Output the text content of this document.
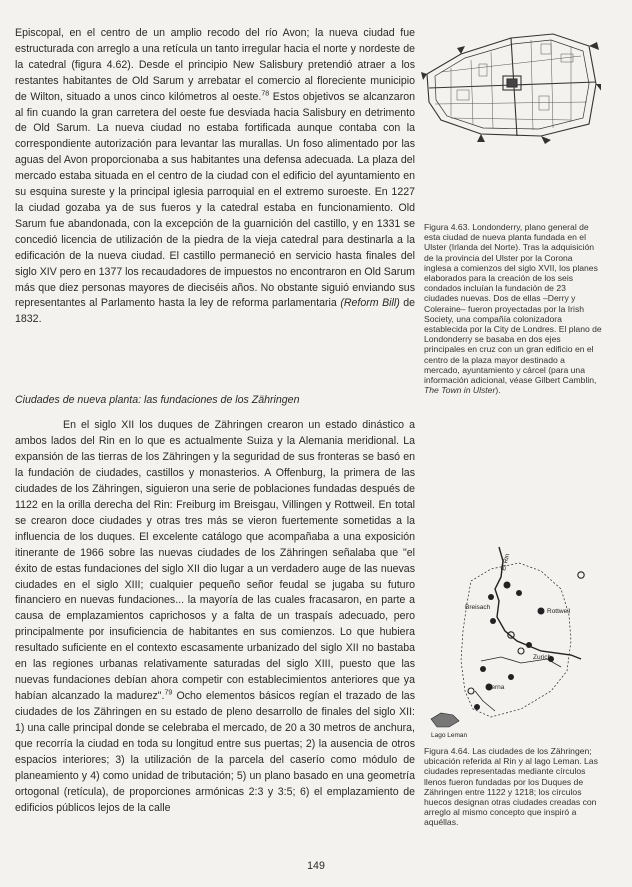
Episcopal, en el centro de un amplio recodo del río Avon; la nueva ciudad fue estructurada con arreglo a una retícula un tanto irregular hacia el norte y nordeste de la catedral (figura 4.62). Desde el principio New Salisbury pretendió atraer a los restantes habitantes de Old Sarum y arrebatar el comercio al floreciente municipio de Wilton, situado a unos cinco kilómetros al oeste.$^{78}$ Estos objetivos se alcanzaron al fin cuando la gran carretera del oeste fue desviada hacia Salisbury en detrimento de Old Sarum. La nueva ciudad no estaba fortificada aunque contaba con la correspondiente autorización para levantar las murallas. Un foso alimentado por las aguas del Avon proporcionaba a sus habitantes una defensa adecuada. La plaza del mercado estaba situada en el centro de la ciudad con el edificio del ayuntamiento en su esquina sureste y la principal iglesia parroquial en el extremo suroeste. En 1227 la ciudad gozaba ya de sus fueros y la catedral estaba en funcionamiento. Old Sarum fue abandonada, con la excepción de la guarnición del castillo, y en 1331 se concedió licencia de utilización de la piedra de la vieja catedral para destinarla a la edificación de la nueva ciudad. El castillo permaneció en servicio hasta finales del siglo XIV pero en 1377 los recaudadores de impuestos no encontraron en Old Sarum más que diez personas mayores de dieciséis años. No obstante siguió enviando sus representantes al Parlamento hasta la ley de reforma parlamentaria (Reform Bill) de 1832.

Ciudades de nueva planta: las fundaciones de los Zähringen

En el siglo XII los duques de Zähringen crearon un estado dinástico a ambos lados del Rin en lo que es actualmente Suiza y la Alemania meridional. La expansión de las tierras de los Zähringen y la seguridad de sus fronteras se basó en la fundación de ciudades, castillos y monasterios. A Offenburg, la primera de las ciudades de los Zähringen, siguieron una serie de poblaciones fundadas después de 1122 en la orilla derecha del Rin: Freiburg im Breisgau, Villingen y Rottweil. En total se crearon doce ciudades y otras tres más se vieron fuertemente sometidas a la influencia de los duques. El excelente catálogo que acompañaba a una exposición itinerante de 1966 sobre las nuevas ciudades de los Zähringen señalaba que "el éxito de estas fundaciones del siglo XII dio lugar a un verdadero auge de las nuevas ciudades en el siglo XIII; cualquier pequeño señor feudal se jugaba su futuro financiero en nuevas fundaciones... la mayoría de las cuales fracasaron, en parte a causa de emplazamientos caprichosos y a falta de un traspaís adecuado, pero principalmente por insuficiencia de habitantes en sus comienzos. Lo que hubiera resultado suficiente en el contexto escasamente urbanizado del siglo XII no bastaba en las regiones urbanas relativamente saturadas del siglo XIII, puesto que las nuevas fundaciones debían ahora competir con establecimientos anteriores que ya habían alcanzado la madurez".$^{79}$ Ocho elementos básicos regían el trazado de las ciudades de los Zähringen en su estado de pleno desarrollo de finales del siglo XII: 1) una calle principal donde se celebraba el mercado, de 20 a 30 metros de anchura, que recorría la ciudad en toda su longitud entre sus puertas; 2) la ausencia de otros espacios interiores; 3) la utilización de la parcela del caserío como módulo de planeamiento y 4) como unidad de tributación; 5) un plano basado en una geometría ortogonal (retícula), de proporciones armónicas 2:3 y 3:5; 6) el emplazamiento de edificios públicos lejos de la calle

Figura 4.63. Londonderry, plano general de esta ciudad de nueva planta fundada en el Ulster (Irlanda del Norte). Tras la adquisición de la provincia del Ulster por la Corona inglesa a comienzos del siglo XVII, los planes elaborados para la creación de los seis condados incluían la fundación de 23 ciudades nuevas. Dos de ellas –Derry y Coleraine– fueron proyectadas por la Irish Society, una compañía colonizadora establecida por la City de Londres. El plano de Londonderry se basaba en dos ejes principales en cruz con un gran edificio en el centro de la plaza mayor destinado a mercado, ayuntamiento y cárcel (para una información adicional, véase Gilbert Camblin, The Town in Ulster).
El Rin
Breisach
Rottweil
Zurich
Berna
Lago Leman
Figura 4.64. Las ciudades de los Zähringen; ubicación referida al Rin y al lago Leman. Las ciudades representadas mediante círculos llenos fueron fundadas por los Duques de Zähringen entre 1122 y 1218; los círculos huecos designan otras ciudades creadas con arreglo al mismo concepto que inspiró a aquéllas.
149
